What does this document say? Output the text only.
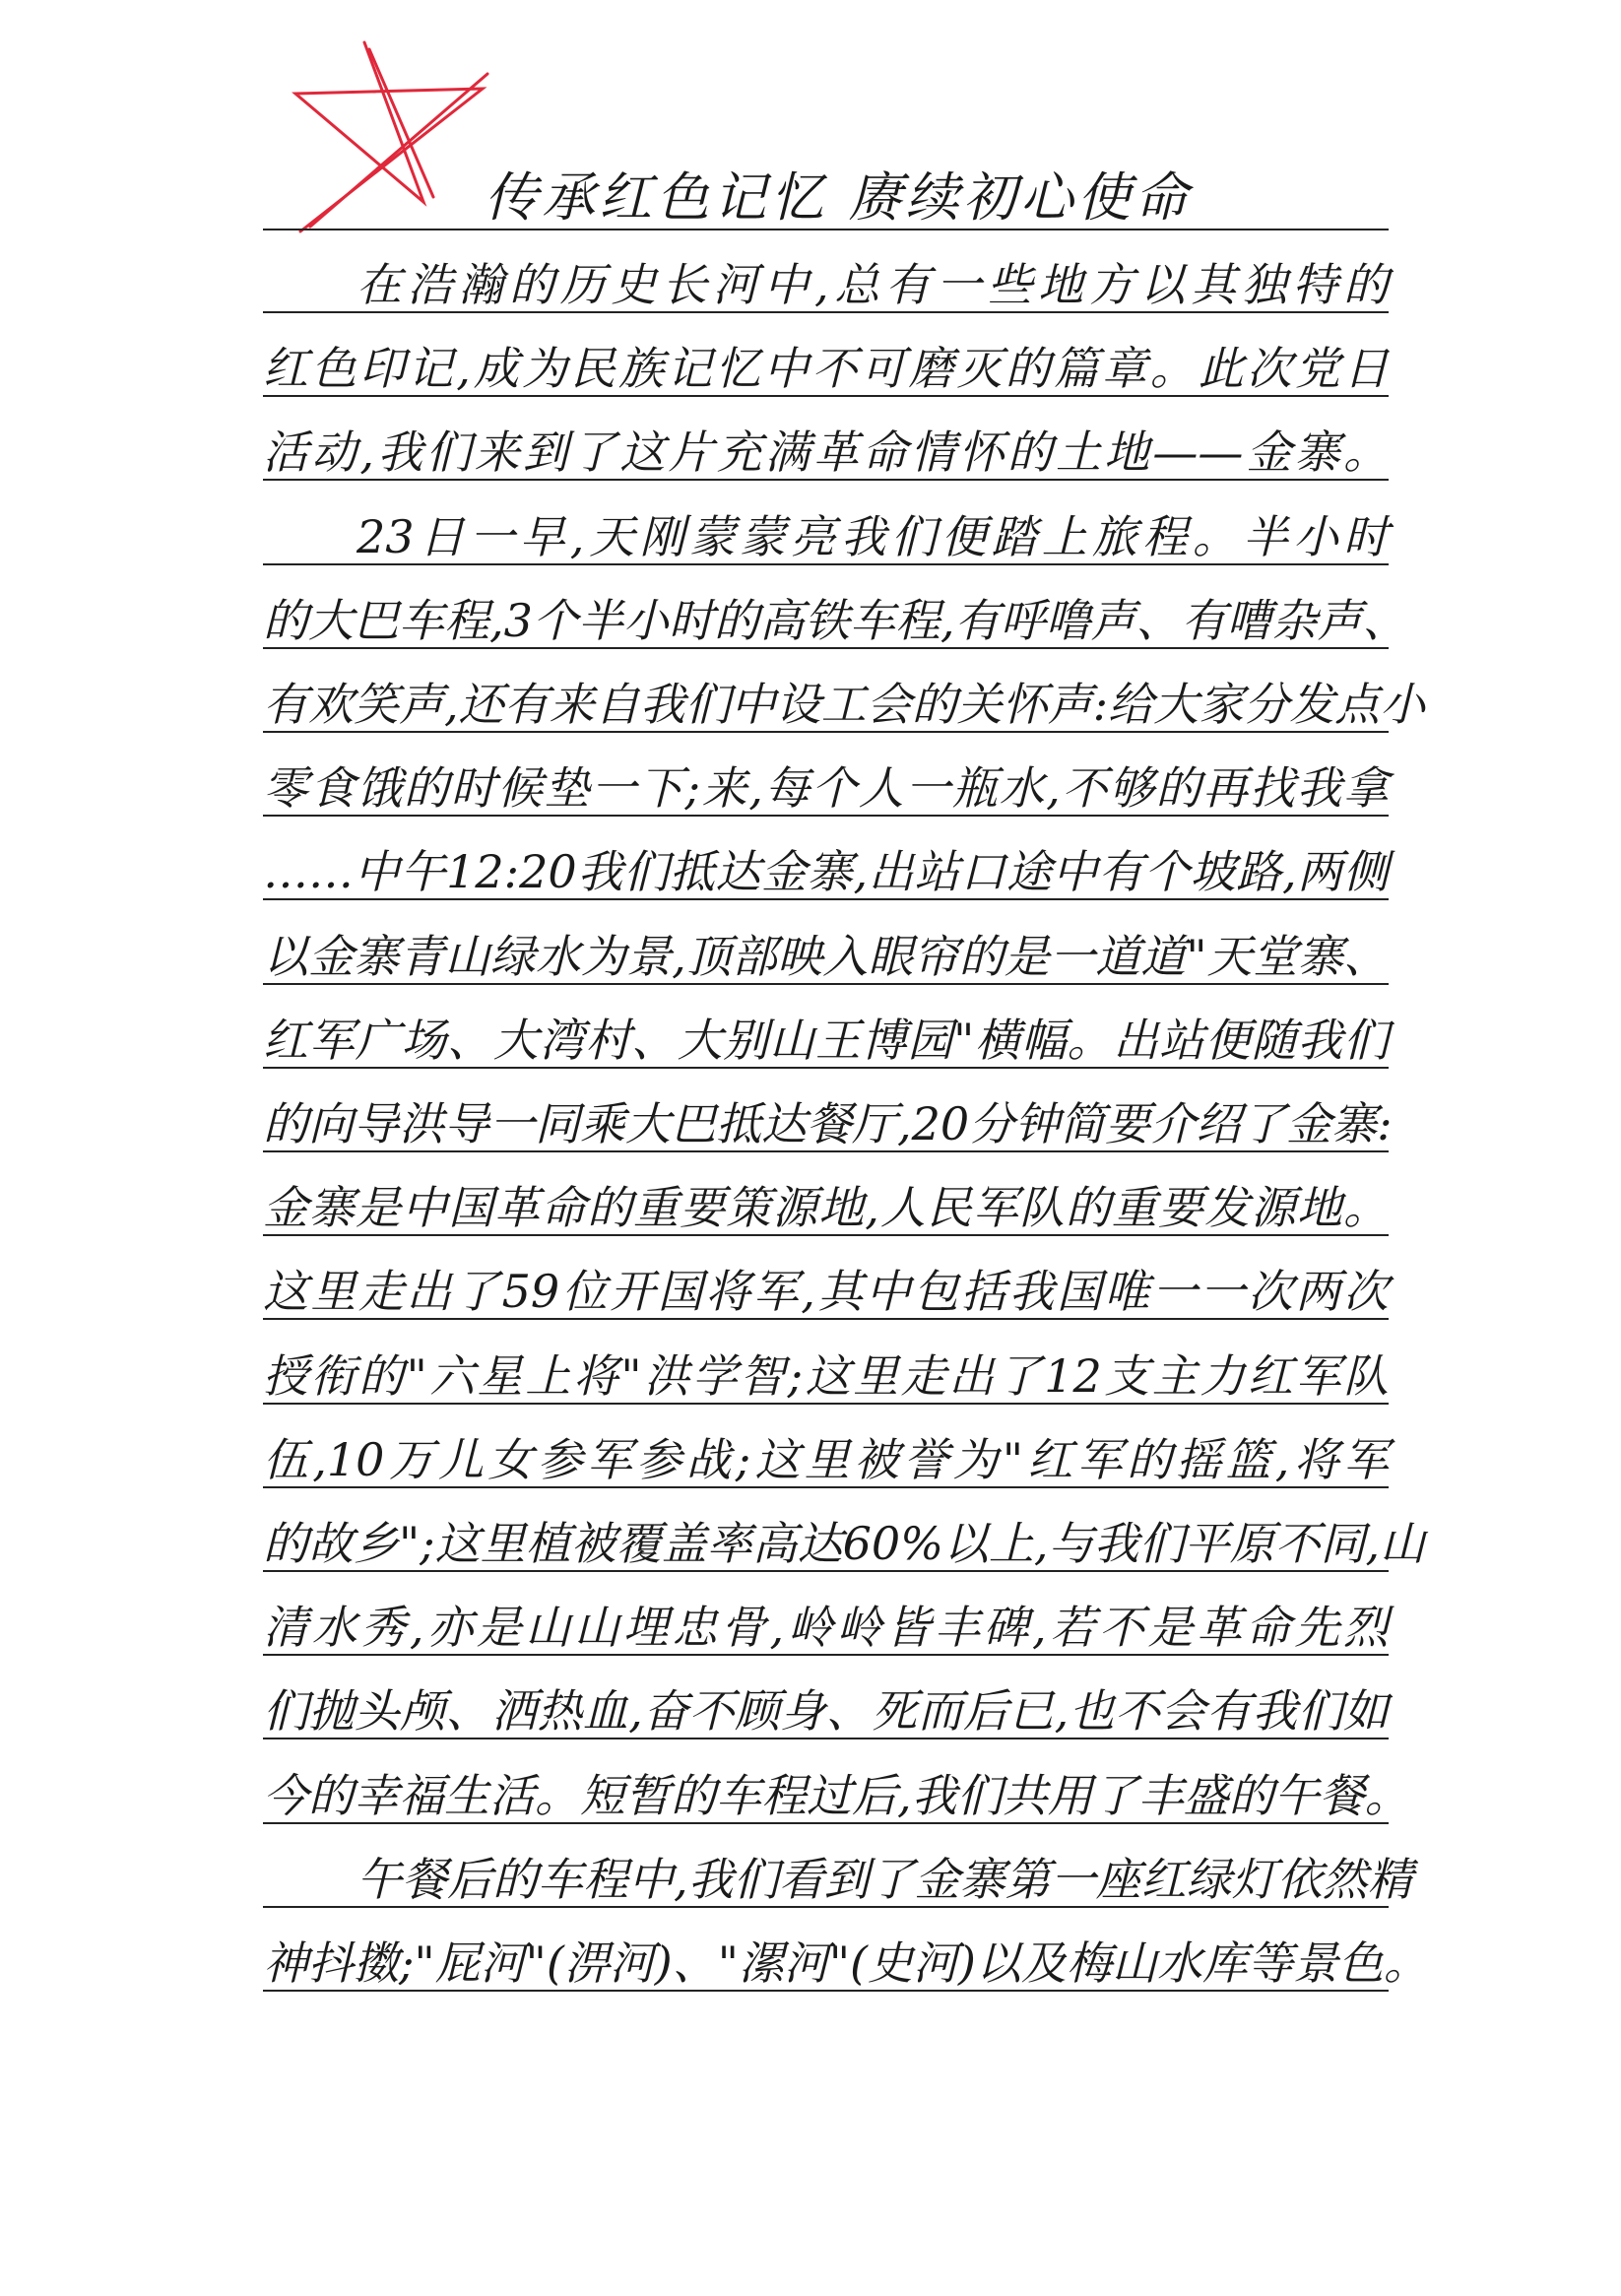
传承红色记忆 赓续初心使命
在浩瀚的历史长河中,总有一些地方以其独特的
红色印记,成为民族记忆中不可磨灭的篇章。此次党日
活动,我们来到了这片充满革命情怀的土地——金寨。
23日一早,天刚蒙蒙亮我们便踏上旅程。半小时
的大巴车程,3个半小时的高铁车程,有呼噜声、有嘈杂声、
有欢笑声,还有来自我们中设工会的关怀声:给大家分发点小
零食饿的时候垫一下;来,每个人一瓶水,不够的再找我拿
……中午12:20我们抵达金寨,出站口途中有个坡路,两侧
以金寨青山绿水为景,顶部映入眼帘的是一道道"天堂寨、
红军广场、大湾村、大别山王博园"横幅。出站便随我们
的向导洪导一同乘大巴抵达餐厅,20分钟简要介绍了金寨:
金寨是中国革命的重要策源地,人民军队的重要发源地。
这里走出了59位开国将军,其中包括我国唯一一次两次
授衔的"六星上将"洪学智;这里走出了12支主力红军队
伍,10万儿女参军参战;这里被誉为"红军的摇篮,将军
的故乡";这里植被覆盖率高达60%以上,与我们平原不同,山
清水秀,亦是山山埋忠骨,岭岭皆丰碑,若不是革命先烈
们抛头颅、洒热血,奋不顾身、死而后已,也不会有我们如
今的幸福生活。短暂的车程过后,我们共用了丰盛的午餐。
午餐后的车程中,我们看到了金寨第一座红绿灯依然精
神抖擞;"屁河"(淠河)、"漯河"(史河)以及梅山水库等景色。
